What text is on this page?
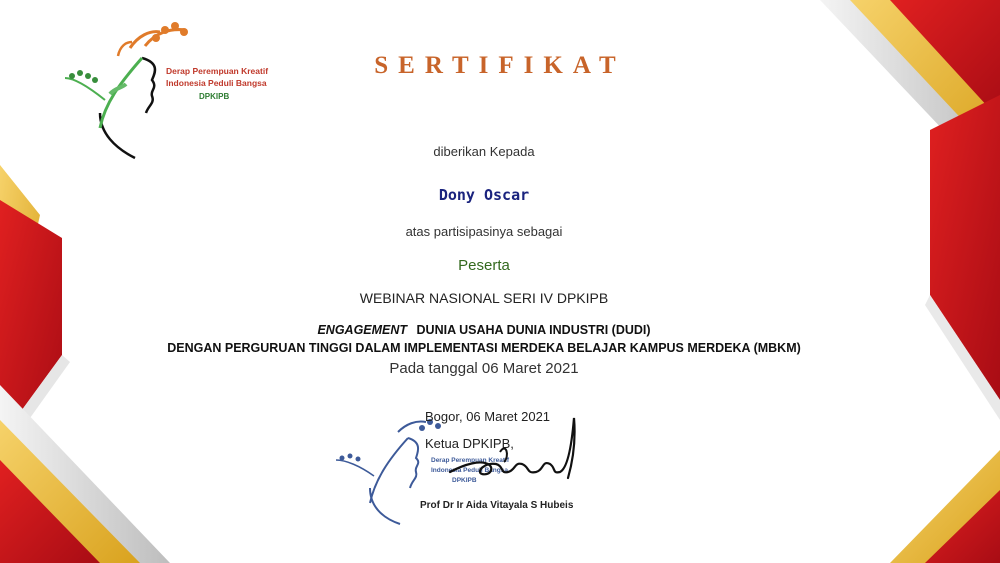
Derap Perempuan Kreatif
Indonesia Peduli Bangsa
DPKIPB
SERTIFIKAT
diberikan Kepada
Dony Oscar
atas partisipasinya sebagai
Peserta
WEBINAR NASIONAL SERI IV DPKIPB
ENGAGEMENT DUNIA USAHA DUNIA INDUSTRI (DUDI)
DENGAN PERGURUAN TINGGI DALAM IMPLEMENTASI MERDEKA BELAJAR KAMPUS MERDEKA (MBKM)
Pada tanggal 06 Maret 2021
Derap Perempuan Kreatif
Indonesia Peduli Bangsa
DPKIPB
Bogor, 06 Maret 2021
Ketua DPKIPB,
Prof Dr Ir Aida Vitayala S Hubeis
